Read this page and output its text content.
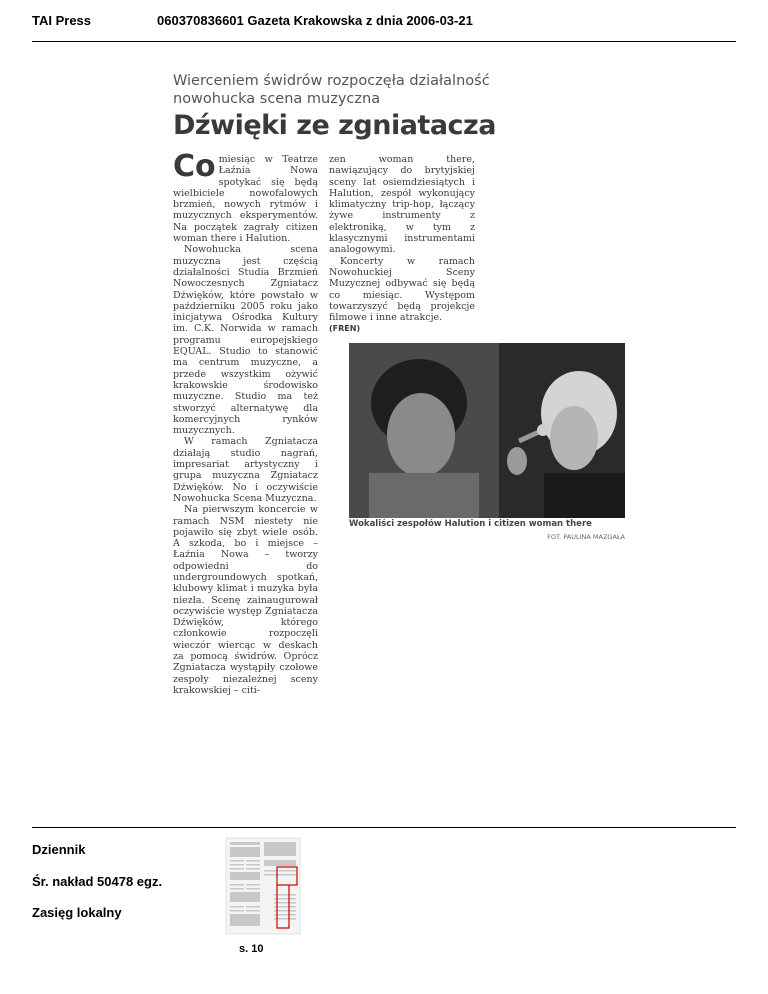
TAI Press	060370836601 Gazeta Krakowska z dnia 2006-03-21
Wierceniem świdrów rozpoczęła działalność nowohucka scena muzyczna
Dźwięki ze zgniatacza

Co miesiąc w Teatrze Łaźnia Nowa spotykać się będą wielbiciele nowofalowych brzmień, nowych rytmów i muzycznych eksperymentów. Na początek zagrały citizen woman there i Halution.

Nowohucka scena muzyczna jest częścią działalności Studia Brzmień Nowoczesnych Zgniatacz Dźwięków, które powstało w październiku 2005 roku jako inicjatywa Ośrodka Kultury im. C.K. Norwida w ramach programu europejskiego EQUAL. Studio to stanowić ma centrum muzyczne, a przede wszystkim ożywić krakowskie środowisko muzyczne. Studio ma też stworzyć alternatywę dla komercyjnych rynków muzycznych.

W ramach Zgniatacza działają studio nagrań, impresariat artystyczny i grupa muzyczna Zgniatacz Dźwięków. No i oczywiście Nowohucka Scena Muzyczna.

Na pierwszym koncercie w ramach NSM niestety nie pojawiło się zbyt wiele osób. A szkoda, bo i miejsce – Łaźnia Nowa – tworzy odpowiedni do undergroundowych spotkań, klubowy klimat i muzyka była niezła. Scenę zainaugurował oczywiście występ Zgniatacza Dźwięków, którego członkowie rozpoczęli wieczór wiercąc w deskach za pomocą świdrów. Oprócz Zgniatacza wystąpiły czołowe zespoły niezależnej sceny krakowskiej – citi-

zen woman there, nawiązujący do brytyjskiej sceny lat osiemdziesiątych i Halution, zespół wykonujący klimatyczny trip-hop, łączący żywe instrumenty z elektroniką, w tym z klasycznymi instrumentami analogowymi.

Koncerty w ramach Nowohuckiej Sceny Muzycznej odbywać się będą co miesiąc. Występom towarzyszyć będą projekcje filmowe i inne atrakcje.

(FREN)

Wokaliści zespołów Halution i citizen woman there
FOT. PAULINA MAZGAŁA
Dziennik
Śr. nakład 50478 egz.
Zasięg lokalny
s. 10
